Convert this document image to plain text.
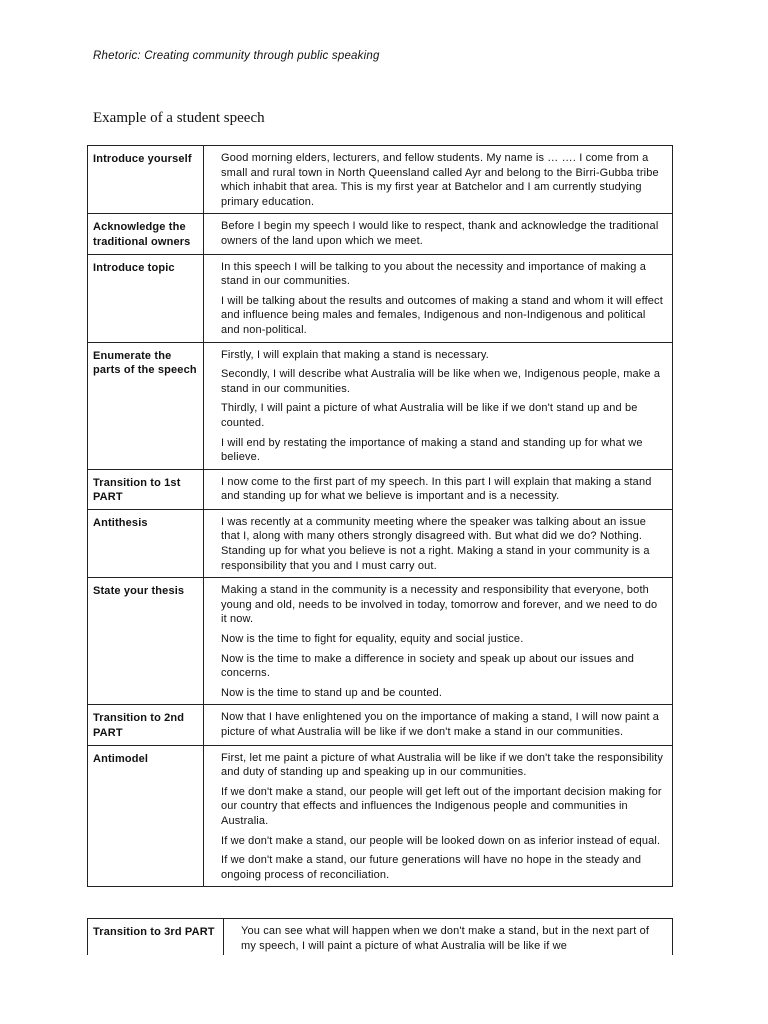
Rhetoric: Creating community through public speaking
Example of a student speech
Introduce yourself	Good morning elders, lecturers, and fellow students. My name is … …. I come from a small and rural town in North Queensland called Ayr and belong to the Birri-Gubba tribe which inhabit that area. This is my first year at Batchelor and I am currently studying primary education.

Acknowledge the traditional owners	Before I begin my speech I would like to respect, thank and acknowledge the traditional owners of the land upon which we meet.

Introduce topic	In this speech I will be talking to you about the necessity and importance of making a stand in our communities.

I will be talking about the results and outcomes of making a stand and whom it will effect and influence being males and females, Indigenous and non-Indigenous and political and non-political.

Enumerate the parts of the speech	Firstly, I will explain that making a stand is necessary.

Secondly, I will describe what Australia will be like when we, Indigenous people, make a stand in our communities.

Thirdly, I will paint a picture of what Australia will be like if we don't stand up and be counted.

I will end by restating the importance of making a stand and standing up for what we believe.

Transition to 1st PART	I now come to the first part of my speech. In this part I will explain that making a stand and standing up for what we believe is important and is a necessity.

Antithesis	I was recently at a community meeting where the speaker was talking about an issue that I, along with many others strongly disagreed with. But what did we do? Nothing. Standing up for what you believe is not a right. Making a stand in your community is a responsibility that you and I must carry out.

State your thesis	Making a stand in the community is a necessity and responsibility that everyone, both young and old, needs to be involved in today, tomorrow and forever, and we need to do it now.

Now is the time to fight for equality, equity and social justice.

Now is the time to make a difference in society and speak up about our issues and concerns.

Now is the time to stand up and be counted.

Transition to 2nd PART	Now that I have enlightened you on the importance of making a stand, I will now paint a picture of what Australia will be like if we don't make a stand in our communities.

Antimodel	First, let me paint a picture of what Australia will be like if we don't take the responsibility and duty of standing up and speaking up in our communities.

If we don't make a stand, our people will get left out of the important decision making for our country that effects and influences the Indigenous people and communities in Australia.

If we don't make a stand, our people will be looked down on as inferior instead of equal.

If we don't make a stand, our future generations will have no hope in the steady and ongoing process of reconciliation.

Transition to 3rd PART	You can see what will happen when we don't make a stand, but in the next part of my speech, I will paint a picture of what Australia will be like if we
